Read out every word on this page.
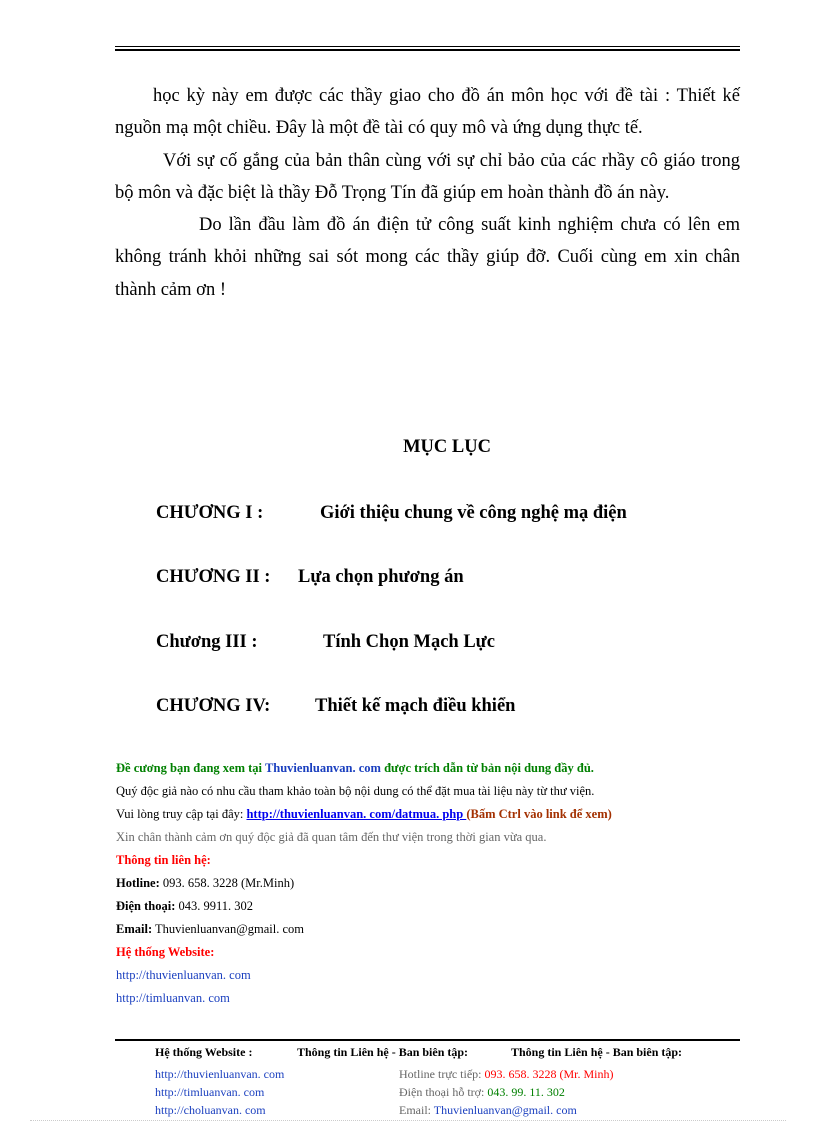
học kỳ này em được các thầy giao cho đồ án môn học với đề tài : Thiết kế nguồn mạ một chiều. Đây là một đề tài có quy mô và ứng dụng thực tế.

Với sự cố gắng của bản thân cùng với sự chỉ bảo của các rhầy cô giáo trong bộ môn và đặc biệt là thầy Đỗ Trọng Tín đã giúp em hoàn thành đồ án này.

Do lần đầu làm đồ án điện tử công suất kinh nghiệm chưa có lên em không tránh khỏi những sai sót mong các thầy giúp đỡ. Cuối cùng em xin chân thành cảm ơn !

MỤC LỤC
CHƯƠNG I :	Giới thiệu chung về công nghệ mạ điện
CHƯƠNG II : Lựa chọn phương án
Chương III :	Tính Chọn Mạch Lực
CHƯƠNG IV: Thiết kế mạch điều khiển
Đề cương bạn đang xem tại Thuvienluanvan. com được trích dẫn từ bản nội dung đầy đủ.
Quý độc giả nào có nhu cầu tham khảo toàn bộ nội dung có thể đặt mua tài liệu này từ thư viện.
Vui lòng truy cập tại đây: http://thuvienluanvan. com/datmua. php (Bấm Ctrl vào link để xem)
Xin chân thành cảm ơn quý độc giả đã quan tâm đến thư viện trong thời gian vừa qua.
Thông tin liên hệ:
Hotline: 093. 658. 3228 (Mr.Minh)
Điện thoại: 043. 9911. 302
Email: Thuvienluanvan@gmail. com
Hệ thống Website:
http://thuvienluanvan. com
http://timluanvan. com
Hệ thống Website :
http://thuvienluanvan. com
http://timluanvan. com
http://choluanvan. com
Thông tin Liên hệ - Ban biên tập:
Hotline trực tiếp: 093. 658. 3228 (Mr. Minh)
Điện thoại hỗ trợ: 043. 99. 11. 302
Email: Thuvienluanvan@gmail. com
Thông tin Liên hệ - Ban biên tập:
